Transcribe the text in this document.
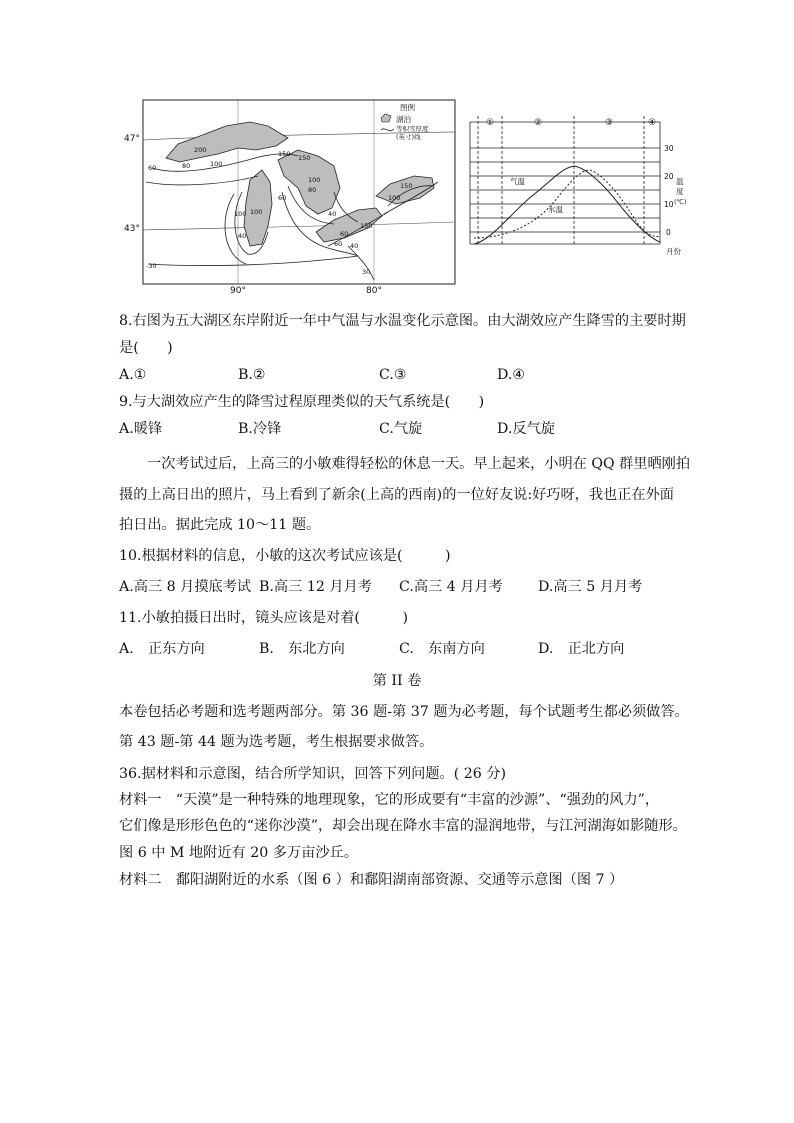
200	150
60	80	100
150
100
80
60
40
100
150
40
60
150
100
40
60
100
-30
30
图例
湖泊
等积雪厚度
(英寸)线
47°
43°
90°	80°
①	②	③	④
气温
水温
30
20
10
0
温
度
(℃)
月份
8.右图为五大湖区东岸附近一年中气温与水温变化示意图。由大湖效应产生降雪的主要时期
是(　　)
A.①	B.②	C.③	D.④
9.与大湖效应产生的降雪过程原理类似的天气系统是(　　)
A.暖锋	B.冷锋	C.气旋	D.反气旋
一次考试过后，上高三的小敏难得轻松的休息一天。早上起来，小明在 QQ 群里晒刚拍
摄的上高日出的照片，马上看到了新余(上高的西南)的一位好友说:好巧呀，我也正在外面
拍日出。据此完成 10～11 题。
10.根据材料的信息，小敏的这次考试应该是(　　　)
A.高三 8 月摸底考试 B.高三 12 月月考 C.高三 4 月月考 D.高三 5 月月考
11.小敏拍摄日出时，镜头应该是对着(　　　)
A.　正东方向	B.　东北方向	C.　东南方向	D.　正北方向
第 II 卷
本卷包括必考题和选考题两部分。第 36 题-第 37 题为必考题，每个试题考生都必须做答。
第 43 题-第 44 题为选考题，考生根据要求做答。
36.据材料和示意图，结合所学知识，回答下列问题。( 26 分)
材料一　“天漠”是一种特殊的地理现象，它的形成要有“丰富的沙源”、“强劲的风力”，
它们像是形形色色的“迷你沙漠”，却会出现在降水丰富的湿润地带，与江河湖海如影随形。
图 6 中 M 地附近有 20 多万亩沙丘。
材料二　鄱阳湖附近的水系（图 6 ）和鄱阳湖南部资源、交通等示意图（图 7 ）
